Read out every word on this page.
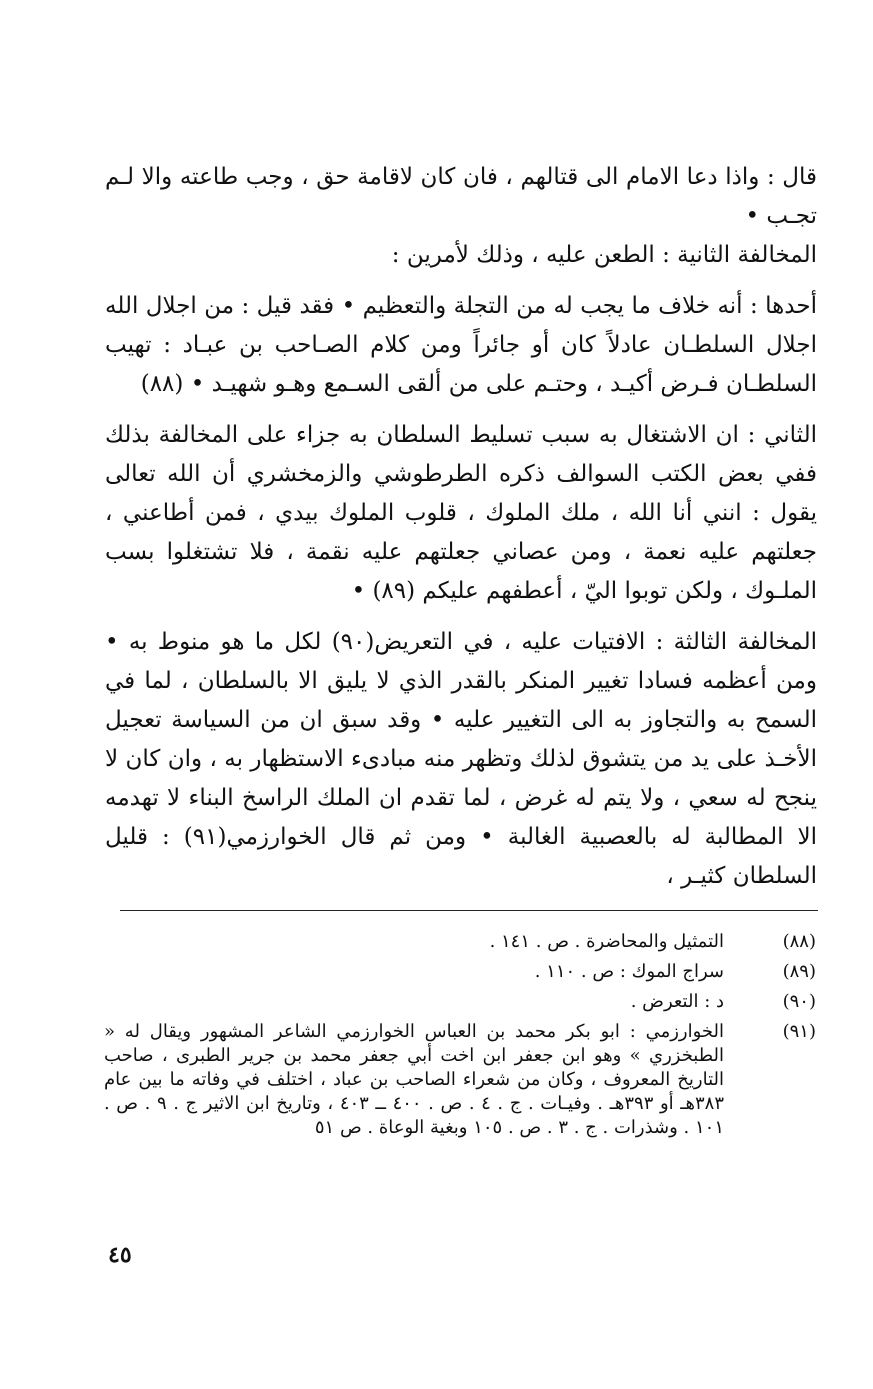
قال : واذا دعا الامام الى قتالهم ، فان كان لاقامة حق ، وجب طاعته والا لـم تجـب •

المخالفة الثانية : الطعن عليه ، وذلك لأمرين :

أحدها : أنه خلاف ما يجب له من التجلة والتعظيم • فقد قيل : من اجلال الله اجلال السلطـان عادلاً كان أو جائراً ومن كلام الصـاحب بن عبـاد : تهيب السلطـان فـرض أكيـد ، وحتـم على من ألقى السـمع وهـو شهيـد • (٨٨)

الثاني : ان الاشتغال به سبب تسليط السلطان به جزاء على المخالفة بذلك ففي بعض الكتب السوالف ذكره الطرطوشي والزمخشري أن الله تعالى يقول : انني أنا الله ، ملك الملوك ، قلوب الملوك بيدي ، فمن أطاعني ، جعلتهم عليه نعمة ، ومن عصاني جعلتهم عليه نقمة ، فلا تشتغلوا بسب الملـوك ، ولكن توبوا اليّ ، أعطفهم عليكم (٨٩) •

المخالفة الثالثة : الافتيات عليه ، في التعريض(٩٠) لكل ما هو منوط به • ومن أعظمه فسادا تغيير المنكر بالقدر الذي لا يليق الا بالسلطان ، لما في السمح به والتجاوز به الى التغيير عليه • وقد سبق ان من السياسة تعجيل الأخـذ على يد من يتشوق لذلك وتظهر منه مبادىء الاستظهار به ، وان كان لا ينجح له سعي ، ولا يتم له غرض ، لما تقدم ان الملك الراسخ البناء لا تهدمه الا المطالبة له بالعصبية الغالبة • ومن ثم قال الخوارزمي(٩١) : قليل السلطان كثيـر ،

(٨٨)
التمثيل والمحاضرة . ص . ١٤١ .
(٨٩)
سراج الموك : ص . ١١٠ .
(٩٠)
د : التعرض .
(٩١)
الخوارزمي : ابو بكر محمد بن العباس الخوارزمي الشاعر المشهور ويقال له « الطبخزري » وهو ابن جعفر ابن اخت أبي جعفر محمد بن جرير الطبرى ، صاحب التاريخ المعروف ، وكان من شعراء الصاحب بن عباد ، اختلف في وفاته ما بين عام ٣٨٣هـ أو ٣٩٣هـ . وفيـات . ج . ٤ . ص . ٤٠٠ ــ ٤٠٣ ، وتاريخ ابن الاثير ج . ٩ . ص . ١٠١ . وشذرات . ج . ٣ . ص . ١٠٥ وبغية الوعاة . ص ٥١
٤٥
